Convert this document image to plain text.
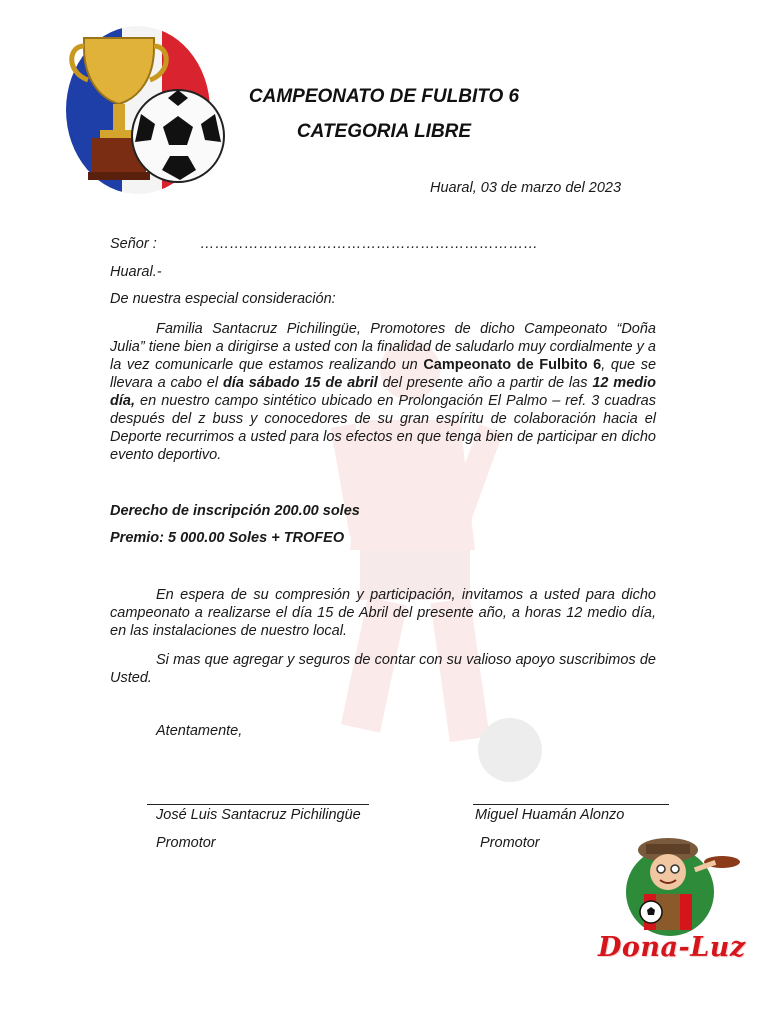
CAMPEONATO DE FULBITO 6
CATEGORIA LIBRE
Huaral, 03 de marzo del 2023
Señor :	……………………………………………………………
Huaral.-
De nuestra especial consideración:
Familia Santacruz Pichilingüe, Promotores de dicho Campeonato “Doña Julia” tiene bien a dirigirse a usted con la finalidad de saludarlo muy cordialmente y a la vez comunicarle que estamos realizando un Campeonato de Fulbito 6, que se llevara a cabo el día sábado 15 de abril del presente año a partir de las 12 medio día, en nuestro campo sintético ubicado en Prolongación El Palmo – ref. 3 cuadras después del z buss y conocedores de su gran espíritu de colaboración hacia el Deporte recurrimos a usted para los efectos en que tenga bien de participar en dicho evento deportivo.
Derecho de inscripción 200.00 soles
Premio: 5 000.00 Soles + TROFEO
En espera de su compresión y participación, invitamos a usted para dicho campeonato a realizarse el día 15 de Abril del presente año, a horas 12 medio día, en las instalaciones de nuestro local.
Si mas que agregar y seguros de contar con su valioso apoyo suscribimos de Usted.
Atentamente,
José Luis Santacruz Pichilingüe	Miguel Huamán Alonzo
Promotor	Promotor
Dona-Luz
